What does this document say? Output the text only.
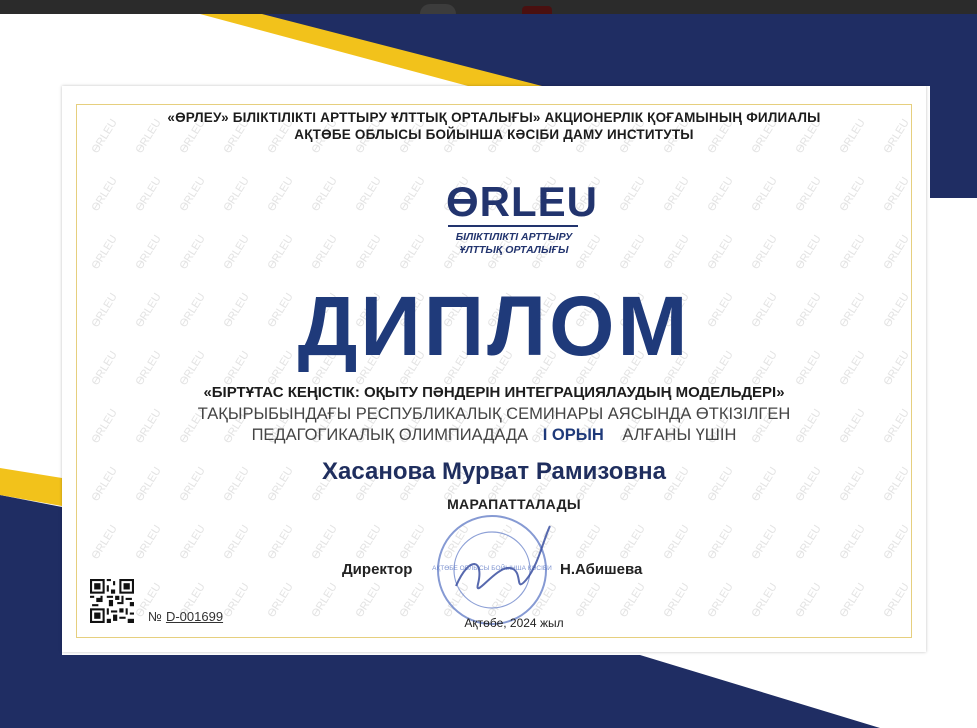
«ӨРЛЕУ» БІЛІКТІЛІКТІ АРТТЫРУ ҰЛТТЫҚ ОРТАЛЫҒЫ» АКЦИОНЕРЛІК ҚОҒАМЫНЫҢ ФИЛИАЛЫ
АҚТӨБЕ ОБЛЫСЫ БОЙЫНША КӘСІБИ ДАМУ ИНСТИТУТЫ
ӨRLEU
БІЛІКТІЛІКТІ АРТТЫРУ
ҰЛТТЫҚ ОРТАЛЫҒЫ
ДИПЛОМ
«БІРТҰТАС КЕҢІСТІК: ОҚЫТУ ПӘНДЕРІН ИНТЕГРАЦИЯЛАУДЫҢ МОДЕЛЬДЕРІ»
ТАҚЫРЫБЫНДАҒЫ РЕСПУБЛИКАЛЫҚ СЕМИНАРЫ АЯСЫНДА ӨТКІЗІЛГЕН
ПЕДАГОГИКАЛЫҚ ОЛИМПИАДАДА І ОРЫН АЛҒАНЫ ҮШІН
Хасанова Мурват Рамизовна
МАРАПАТТАЛАДЫ
АҚТӨБЕ ОБЛЫСЫ БОЙЫНША КӘСІБИ
Директор	Н.Абишева
Ақтөбе, 2024 жыл
№ D-001699
